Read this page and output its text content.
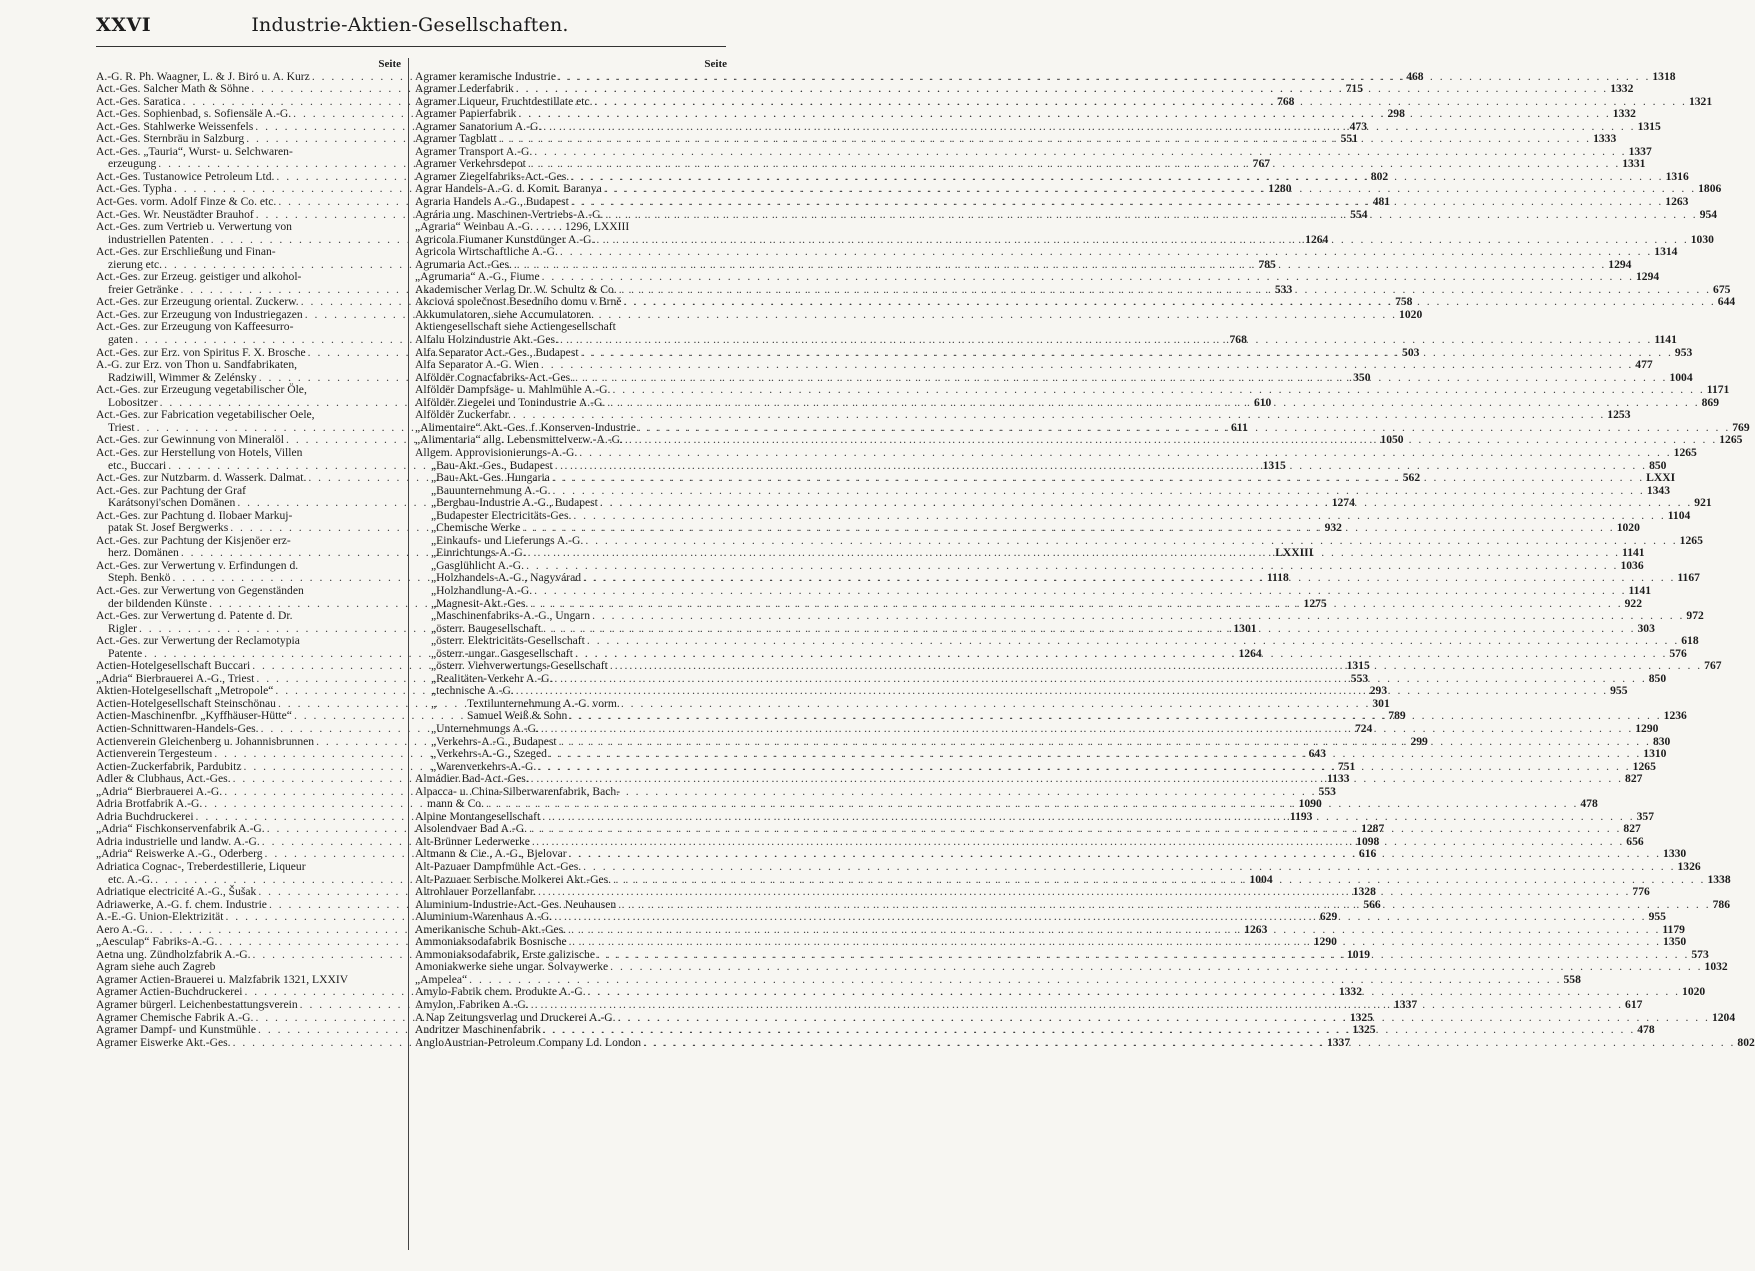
XXVI	Industrie-Aktien-Gesellschaften.
Seite
A.-G. R. Ph. Waagner, L. & J. Biró u. A. Kurz . . .	468
Act.-Ges. Salcher Math & Söhne . . .	715
Act.-Ges. Saratica . . .	768
Act.-Ges. Sophienbad, s. Sofiensäle A.-G. . . .	298
Act.-Ges. Stahlwerke Weissenfels . . .	473
Act.-Ges. Sternbräu in Salzburg . . .	551
Act.-Ges. „Tauria“, Wurst- u. Selchwaren-
erzeugung . . .	767
Act.-Ges. Tustanowice Petroleum Ltd. . . .	802
Act.-Ges. Typha . . .	1280
Act-Ges. vorm. Adolf Finze & Co. etc. . . .	481
Act.-Ges. Wr. Neustädter Brauhof . . .	554
Act.-Ges. zum Vertrieb u. Verwertung von
industriellen Patenten . . .	1264
Act.-Ges. zur Erschließung und Finan-
zierung etc. . . .	785
Act.-Ges. zur Erzeug. geistiger und alkohol-
freier Getränke . . .	533
Act.-Ges. zur Erzeugung oriental. Zuckerw. . . .	758
Act.-Ges. zur Erzeugung von Industriegazen . . .	1020
Act.-Ges. zur Erzeugung von Kaffeesurro-
gaten . . .	768
Act.-Ges. zur Erz. von Spiritus F. X. Brosche . . .	503
A.-G. zur Erz. von Thon u. Sandfabrikaten,
Radziwill, Wimmer & Zelénsky . . .	350
Act.-Ges. zur Erzeugung vegetabilischer Öle,
Lobositzer . . .	610
Act.-Ges. zur Fabrication vegetabilischer Oele,
Triest . . .	611
Act.-Ges. zur Gewinnung von Mineralöl . . .	1050
Act.-Ges. zur Herstellung von Hotels, Villen
etc., Buccari . . .	1315
Act.-Ges. zur Nutzbarm. d. Wasserk. Dalmat. . . .	562
Act.-Ges. zur Pachtung der Graf
Karátsonyi'schen Domänen . . .	1274
Act.-Ges. zur Pachtung d. Ilobaer Markuj-
patak St. Josef Bergwerks . . .	932
Act.-Ges. zur Pachtung der Kisjenöer erz-
herz. Domänen . . .	LXXIII
Act.-Ges. zur Verwertung v. Erfindungen d.
Steph. Benkö . . .	1118
Act.-Ges. zur Verwertung von Gegenständen
der bildenden Künste . . .	1275
Act.-Ges. zur Verwertung d. Patente d. Dr.
Rigler . . .	1301
Act.-Ges. zur Verwertung der Reclamotypia
Patente . . .	1264
Actien-Hotelgesellschaft Buccari . . .	1315
„Adria“ Bierbrauerei A.-G., Triest . . .	553
Aktien-Hotelgesellschaft „Metropole“ . . .	293
Actien-Hotelgesellschaft Steinschönau . . .	301
Actien-Maschinenfbr. „Kyffhäuser-Hütte“ . . .	789
Actien-Schnittwaren-Handels-Ges. . . .	724
Actienverein Gleichenberg u. Johannisbrunnen . . .	299
Actienverein Tergesteum . . .	643
Actien-Zuckerfabrik, Pardubitz . . .	751
Adler & Clubhaus, Act.-Ges. . . .	1133
„Adria“ Bierbrauerei A.-G. . . .	553
Adria Brotfabrik A.-G. . . .	1090
Adria Buchdruckerei . . .	1193
„Adria“ Fischkonservenfabrik A.-G. . . .	1287
Adria industrielle und landw. A.-G. . . .	1098
„Adria“ Reiswerke A.-G., Oderberg . . .	616
Adriatica Cognac-, Treberdestillerie, Liqueur
etc. A.-G. . . .	1004
Adriatique electricité A.-G., Šušak . . .	1328
Adriawerke, A.-G. f. chem. Industrie . . .	566
A.-E.-G. Union-Elektrizität . . .	629
Aero A.-G. . . .	1263
„Aesculap“ Fabriks-A.-G. . . .	1290
Aetna ung. Zündholzfabrik A.-G. . . .	1019
Agram siehe auch Zagreb
Agramer Actien-Brauerei u. Malzfabrik 1321, LXXIV
Agramer Actien-Buchdruckerei . . .	1332
Agramer bürgerl. Leichenbestattungsverein . . .	1337
Agramer Chemische Fabrik A.-G. . . .	1325
Agramer Dampf- und Kunstmühle . . .	1325
Agramer Eiswerke Akt.-Ges. . . .	1337
Seite
Agramer keramische Industrie . . .	1318
Agramer Lederfabrik . . .	1332
Agramer Liqueur, Fruchtdestillate etc. . . .	1321
Agramer Papierfabrik . . .	1332
Agramer Sanatorium A.-G. . . .	1315
Agramer Tagblatt . . .	1333
Agramer Transport A.-G. . . .	1337
Agramer Verkehrsdepot . . .	1331
Agramer Ziegelfabriks-Act.-Ges. . . .	1316
Agrar Handels-A.-G. d. Komit. Baranya . . .	1806
Agraria Handels A.-G., Budapest . . .	1263
Agrária ung. Maschinen-Vertriebs-A.-G. . . .	954
„Agraria“ Weinbau A.-G. . . . . . 1296, LXXIII
Agricola Fiumaner Kunstdünger A.-G. . . .	1030
Agricola Wirtschaftliche A.-G. . . .	1314
Agrumaria Act.-Ges. . . .	1294
„Agrumaria“ A.-G., Fiume . . .	1294
Akademischer Verlag Dr. W. Schultz & Co. . . .	675
Akciová společnost Besedního domu v Brně . . .	644
Akkumulatoren, siehe Accumulatoren.
Aktiengesellschaft siehe Actiengesellschaft
Alfalu Holzindustrie Akt.-Ges. . . .	1141
Alfa Separator Act.-Ges., Budapest . . .	953
Alfa Separator A.-G. Wien . . .	477
Alföldër Cognacfabriks-Act.-Ges. . . .	1004
Alföldër Dampfsäge- u. Mahlmühle A.-G. . . .	1171
Alföldër Ziegelei und Tonindustrie A.-G. . . .	869
Alföldër Zuckerfabr. . . .	1253
„Alimentaire“ Akt.-Ges. f. Konserven-Industrie . . .	769
„Alimentaria“ allg. Lebensmittelverw.-A.-G. . . .	1265
Allgem. Approvisionierungs-A.-G. . . .	1265
„ Bau-Akt.-Ges., Budapest . . .	850
„ Bau-Akt.-Ges. Hungaria . . .	LXXI
„ Bauunternehmung A.-G. . . .	1343
„ Bergbau-Industrie A.-G., Budapest . . .	921
„ Budapester Electricitäts-Ges. . . .	1104
„ Chemische Werke . . .	1020
„ Einkaufs- und Lieferungs A.-G. . . .	1265
„ Einrichtungs-A.-G. . . .	1141
„ Gasglühlicht A.-G. . . .	1036
„ Holzhandels-A.-G., Nagyvárad . . .	1167
„ Holzhandlung-A.-G. . . .	1141
„ Magnesit-Akt.-Ges. . . .	922
„ Maschinenfabriks-A.-G., Ungarn . . .	972
„ österr. Baugesellschaft . . .	303
„ österr. Elektricitäts-Gesellschaft . . .	618
„ österr.-ungar. Gasgesellschaft . . .	576
„ österr. Viehverwertungs-Gesellschaft . . .	767
„ Realitäten-Verkehr A.-G. . . .	850
„ technische A.-G. . . .	955
„	Textilunternehmung A.-G. vorm.
Samuel Weiß & Sohn . . .	1236
„ Unternehmungs A.-G. . . .	1290
„ Verkehrs-A.-G., Budapest . . .	830
„ Verkehrs-A.-G., Szeged . . .	1310
„ Warenverkehrs-A.-G. . . .	1265
Almádier Bad-Act.-Ges. . . .	827
Alpacca- u. China-Silberwarenfabrik, Bach-
mann & Co. . . .	478
Alpine Montangesellschaft . . .	357
Alsolendvaer Bad A.-G. . . .	827
Alt-Brünner Lederwerke . . .	656
Altmann & Cie., A.-G., Bjelovar . . .	1330
Alt-Pazuaer Dampfmühle Act.-Ges. . . .	1326
Alt-Pazuaer Serbische Molkerei Akt.-Ges. . . .	1338
Altrohlauer Porzellanfabr. . . .	776
Aluminium-Industrie-Act.-Ges. Neuhausen . . .	786
Aluminium-Warenhaus A.-G. . . .	955
Amerikanische Schuh-Akt.-Ges. . . .	1179
Ammoniaksodafabrik Bosnische . . .	1350
Ammoniaksodafabrik, Erste galizische . . .	573
Amoniakwerke siehe ungar. Solvaywerke . . .	1032
„Ampelea“ . . .	558
Amylo-Fabrik chem. Produkte A.-G. . . .	1020
Amylon, Fabriken A.-G. . . .	617
A Nap Zeitungsverlag und Druckerei A.-G. . . .	1204
Andritzer Maschinenfabrik . . .	478
AngloAustrian-Petroleum Company Ld. London . . .	802
